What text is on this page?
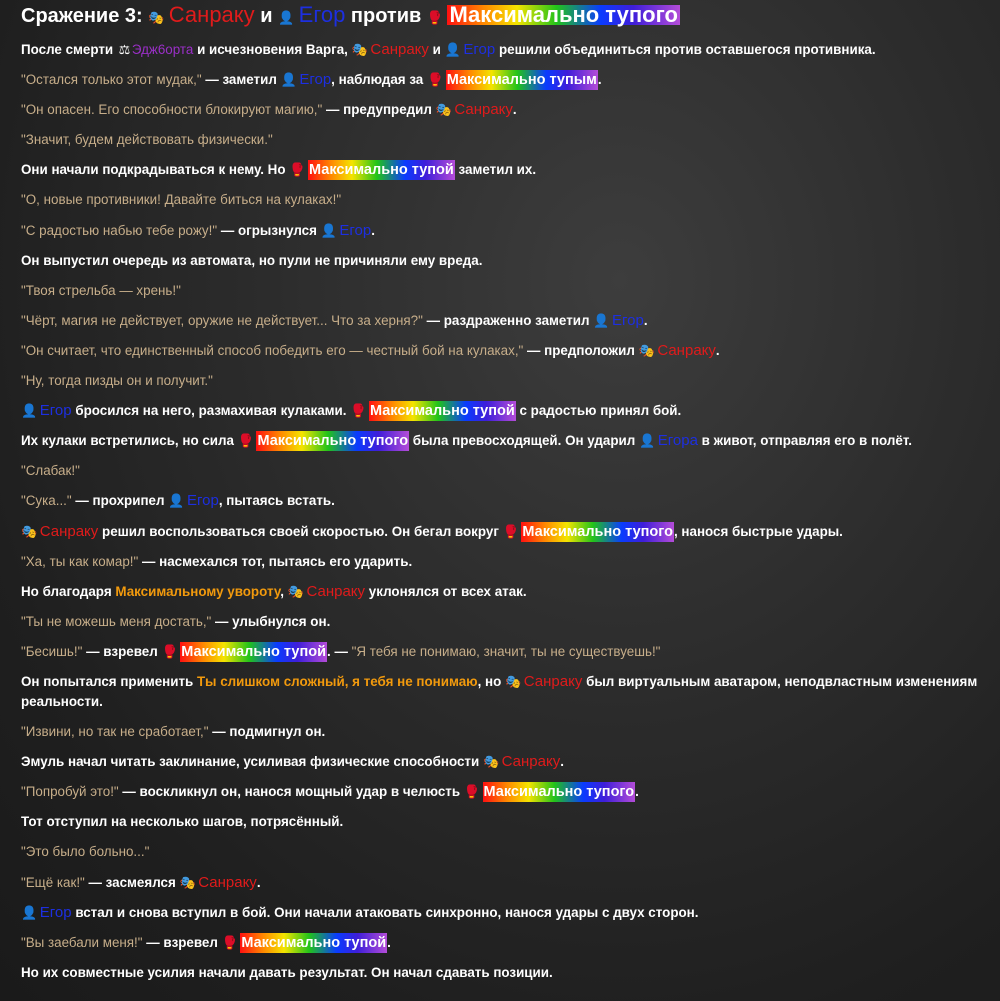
Сражение 3: 🎭 Санраку и 👤 Егор против 🥊 Максимально тупого
После смерти ⚖ Эдж6орта и исчезновения Варга, 🎭 Санраку и 👤 Егор решили объединиться против оставшегося противника.
"Остался только этот мудак," — заметил 👤 Егор, наблюдая за 🥊 Максимально тупым.
"Он опасен. Его способности блокируют магию," — предупредил 🎭 Санраку.
"Значит, будем действовать физически."
Они начали подкрадываться к нему. Но 🥊 Максимально тупой заметил их.
"О, новые противники! Давайте биться на кулаках!"
"С радостью набью тебе рожу!" — огрызнулся 👤 Егор.
Он выпустил очередь из автомата, но пули не причиняли ему вреда.
"Твоя стрельба — хрень!"
"Чёрт, магия не действует, оружие не действует... Что за херня?" — раздраженно заметил 👤 Егор.
"Он считает, что единственный способ победить его — честный бой на кулаках," — предположил 🎭 Санраку.
"Ну, тогда пизды он и получит."
👤 Егор бросился на него, размахивая кулаками. 🥊 Максимально тупой с радостью принял бой.
Их кулаки встретились, но сила 🥊 Максимально тупого была превосходящей. Он ударил 👤 Егора в живот, отправляя его в полёт.
"Слабак!"
"Сука..." — прохрипел 👤 Егор, пытаясь встать.
🎭 Санраку решил воспользоваться своей скоростью. Он бегал вокруг 🥊 Максимально тупого, нанося быстрые удары.
"Ха, ты как комар!" — насмехался тот, пытаясь его ударить.
Но благодаря Максимальному увороту, 🎭 Санраку уклонялся от всех атак.
"Ты не можешь меня достать," — улыбнулся он.
"Бесишь!" — взревел 🥊 Максимально тупой. — "Я тебя не понимаю, значит, ты не существуешь!"
Он попытался применить Ты слишком сложный, я тебя не понимаю, но 🎭 Санраку был виртуальным аватаром, неподвластным изменениям реальности.
"Извини, но так не сработает," — подмигнул он.
Эмуль начал читать заклинание, усиливая физические способности 🎭 Санраку.
"Попробуй это!" — воскликнул он, нанося мощный удар в челюсть 🥊 Максимально тупого.
Тот отступил на несколько шагов, потрясённый.
"Это было больно..."
"Ещё как!" — засмеялся 🎭 Санраку.
👤 Егор встал и снова вступил в бой. Они начали атаковать синхронно, нанося удары с двух сторон.
"Вы заебали меня!" — взревел 🥊 Максимально тупой.
Но их совместные усилия начали давать результат. Он начал сдавать позиции.
